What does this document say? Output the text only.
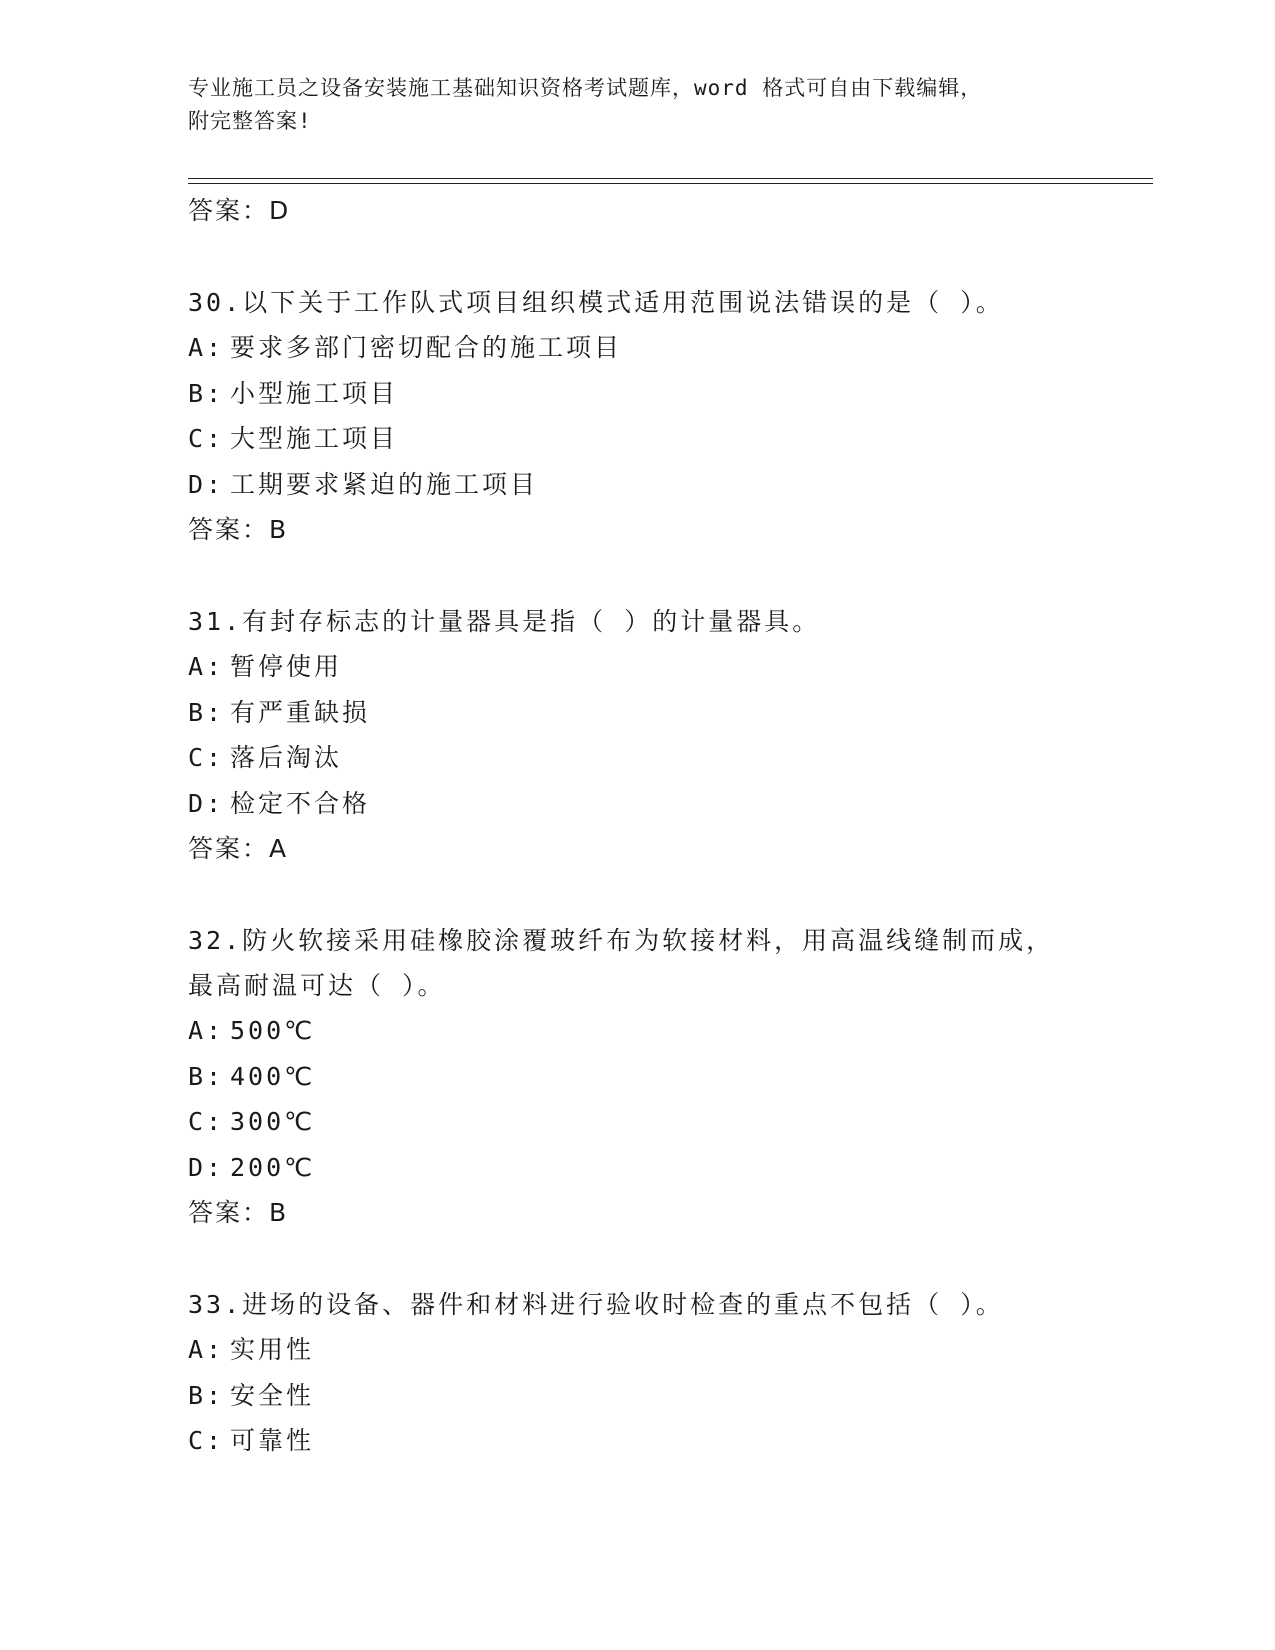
专业施工员之设备安装施工基础知识资格考试题库，word 格式可自由下载编辑，
附完整答案!
答案：D
30.以下关于工作队式项目组织模式适用范围说法错误的是（ ）。
A: 要求多部门密切配合的施工项目
B: 小型施工项目
C: 大型施工项目
D: 工期要求紧迫的施工项目
答案：B
31.有封存标志的计量器具是指（ ）的计量器具。
A: 暂停使用
B: 有严重缺损
C: 落后淘汰
D: 检定不合格
答案：A
32.防火软接采用硅橡胶涂覆玻纤布为软接材料，用高温线缝制而成，
最高耐温可达（ ）。
A: 500℃
B: 400℃
C: 300℃
D: 200℃
答案：B
33.进场的设备、器件和材料进行验收时检查的重点不包括（ ）。
A: 实用性
B: 安全性
C: 可靠性
